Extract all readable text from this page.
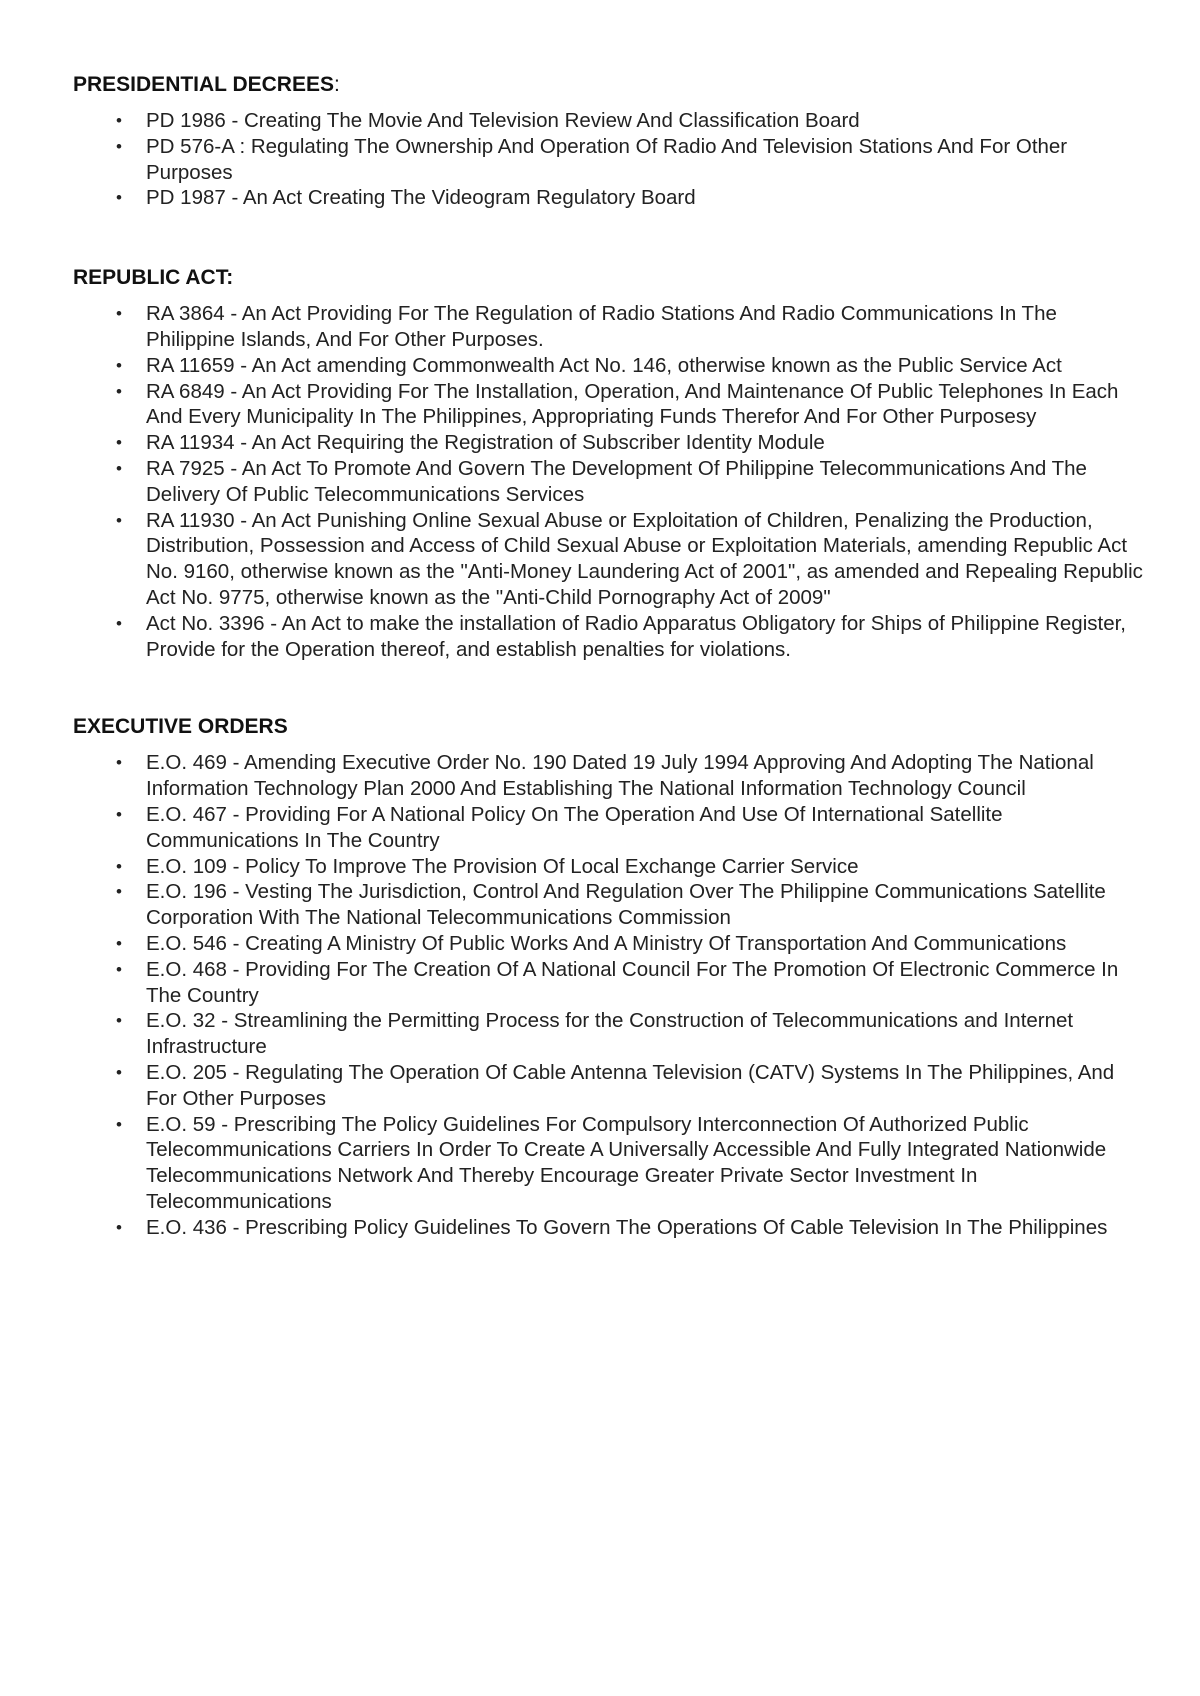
PRESIDENTIAL DECREES:
•	PD 1986 - Creating The Movie And Television Review And Classification Board
•	PD 576-A : Regulating The Ownership And Operation Of Radio And Television Stations And For Other Purposes
•	PD 1987 - An Act Creating The Videogram Regulatory Board
REPUBLIC ACT:
•	RA 3864 - An Act Providing For The Regulation of Radio Stations And Radio Communications In The Philippine Islands, And For Other Purposes.
•	RA 11659 - An Act amending Commonwealth Act No. 146, otherwise known as the Public Service Act
•	RA 6849 - An Act Providing For The Installation, Operation, And Maintenance Of Public Telephones In Each And Every Municipality In The Philippines, Appropriating Funds Therefor And For Other Purposesy
•	RA 11934 - An Act Requiring the Registration of Subscriber Identity Module
•	RA 7925 - An Act To Promote And Govern The Development Of Philippine Telecommunications And The Delivery Of Public Telecommunications Services
•	RA 11930 - An Act Punishing Online Sexual Abuse or Exploitation of Children, Penalizing the Production, Distribution, Possession and Access of Child Sexual Abuse or Exploitation Materials, amending Republic Act No. 9160, otherwise known as the "Anti-Money Laundering Act of 2001", as amended and Repealing Republic Act No. 9775, otherwise known as the "Anti-Child Pornography Act of 2009"
•	Act No. 3396 - An Act to make the installation of Radio Apparatus Obligatory for Ships of Philippine Register, Provide for the Operation thereof, and establish penalties for violations.
EXECUTIVE ORDERS
•	E.O. 469 - Amending Executive Order No. 190 Dated 19 July 1994 Approving And Adopting The National Information Technology Plan 2000 And Establishing The National Information Technology Council
•	E.O. 467 - Providing For A National Policy On The Operation And Use Of International Satellite Communications In The Country
•	E.O. 109 - Policy To Improve The Provision Of Local Exchange Carrier Service
•	E.O. 196 - Vesting The Jurisdiction, Control And Regulation Over The Philippine Communications Satellite Corporation With The National Telecommunications Commission
•	E.O. 546 - Creating A Ministry Of Public Works And A Ministry Of Transportation And Communications
•	E.O. 468 - Providing For The Creation Of A National Council For The Promotion Of Electronic Commerce In The Country
•	E.O. 32 - Streamlining the Permitting Process for the Construction of Telecommunications and Internet Infrastructure
•	E.O. 205 - Regulating The Operation Of Cable Antenna Television (CATV) Systems In The Philippines, And For Other Purposes
•	E.O. 59 - Prescribing The Policy Guidelines For Compulsory Interconnection Of Authorized Public Telecommunications Carriers In Order To Create A Universally Accessible And Fully Integrated Nationwide Telecommunications Network And Thereby Encourage Greater Private Sector Investment In Telecommunications
•	E.O. 436 - Prescribing Policy Guidelines To Govern The Operations Of Cable Television In The Philippines
